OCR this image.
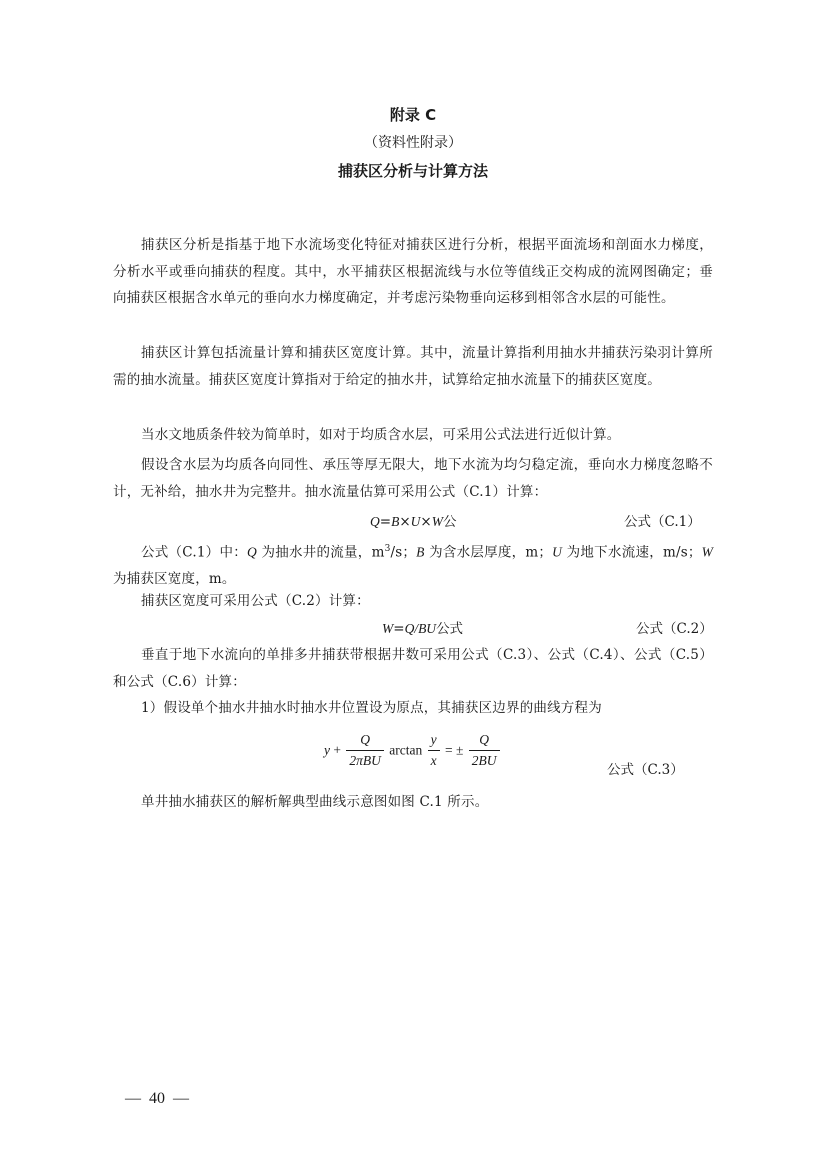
附录 C
（资料性附录）
捕获区分析与计算方法
捕获区分析是指基于地下水流场变化特征对捕获区进行分析，根据平面流场和剖面水力梯度，分析水平或垂向捕获的程度。其中，水平捕获区根据流线与水位等值线正交构成的流网图确定；垂向捕获区根据含水单元的垂向水力梯度确定，并考虑污染物垂向运移到相邻含水层的可能性。
捕获区计算包括流量计算和捕获区宽度计算。其中，流量计算指利用抽水井捕获污染羽计算所需的抽水流量。捕获区宽度计算指对于给定的抽水井，试算给定抽水流量下的捕获区宽度。
当水文地质条件较为简单时，如对于均质含水层，可采用公式法进行近似计算。
假设含水层为均质各向同性、承压等厚无限大，地下水流为均匀稳定流，垂向水力梯度忽略不计，无补给，抽水井为完整井。抽水流量估算可采用公式（C.1）计算：
Q=B×U×W公	公式（C.1）
公式（C.1）中：Q 为抽水井的流量，$m^3/s$；B 为含水层厚度，m；U 为地下水流速，m/s；W 为捕获区宽度，m。
捕获区宽度可采用公式（C.2）计算：
W=Q/BU公式	公式（C.2）
垂直于地下水流向的单排多井捕获带根据井数可采用公式（C.3）、公式（C.4）、公式（C.5）和公式（C.6）计算：
1）假设单个抽水井抽水时抽水井位置设为原点，其捕获区边界的曲线方程为
$y + \frac{Q}{\text{2πBU}}$ $\arctan \frac{y}{x}$ = ± $\frac{Q}{2BU}$	公式（C.3）
单井抽水捕获区的解析解典型曲线示意图如图 C.1 所示。
—  40  —
